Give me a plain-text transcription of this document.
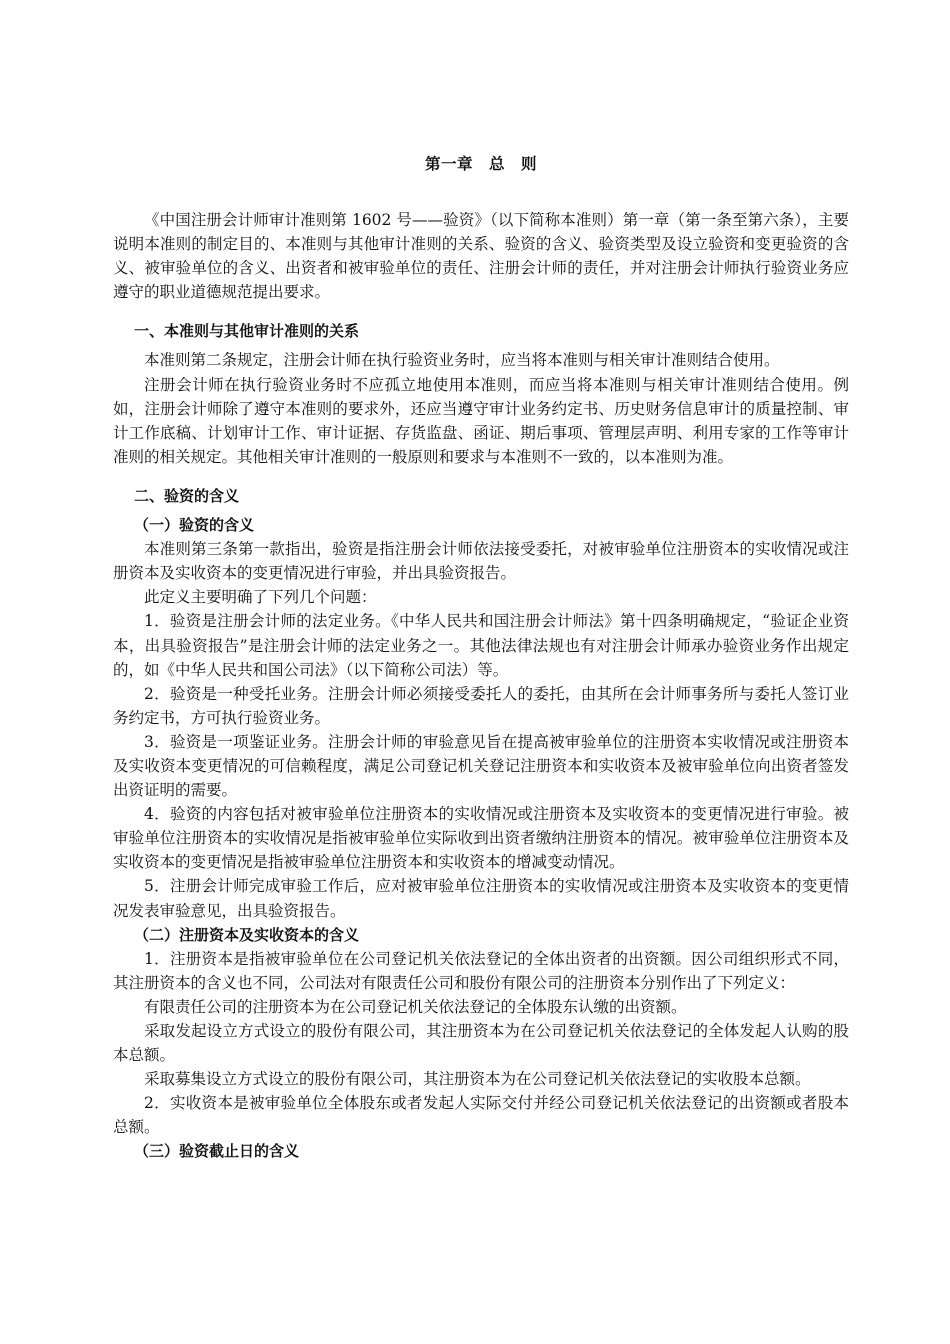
第一章　总　则

《中国注册会计师审计准则第 1602 号——验资》（以下简称本准则）第一章（第一条至第六条），主要说明本准则的制定目的、本准则与其他审计准则的关系、验资的含义、验资类型及设立验资和变更验资的含义、被审验单位的含义、出资者和被审验单位的责任、注册会计师的责任，并对注册会计师执行验资业务应遵守的职业道德规范提出要求。

一、本准则与其他审计准则的关系

本准则第二条规定，注册会计师在执行验资业务时，应当将本准则与相关审计准则结合使用。

注册会计师在执行验资业务时不应孤立地使用本准则，而应当将本准则与相关审计准则结合使用。例如，注册会计师除了遵守本准则的要求外，还应当遵守审计业务约定书、历史财务信息审计的质量控制、审计工作底稿、计划审计工作、审计证据、存货监盘、函证、期后事项、管理层声明、利用专家的工作等审计准则的相关规定。其他相关审计准则的一般原则和要求与本准则不一致的，以本准则为准。

二、验资的含义
（一）验资的含义

本准则第三条第一款指出，验资是指注册会计师依法接受委托，对被审验单位注册资本的实收情况或注册资本及实收资本的变更情况进行审验，并出具验资报告。

此定义主要明确了下列几个问题：

1．验资是注册会计师的法定业务。《中华人民共和国注册会计师法》第十四条明确规定，“验证企业资本，出具验资报告”是注册会计师的法定业务之一。其他法律法规也有对注册会计师承办验资业务作出规定的，如《中华人民共和国公司法》（以下简称公司法）等。

2．验资是一种受托业务。注册会计师必须接受委托人的委托，由其所在会计师事务所与委托人签订业务约定书，方可执行验资业务。

3．验资是一项鉴证业务。注册会计师的审验意见旨在提高被审验单位的注册资本实收情况或注册资本及实收资本变更情况的可信赖程度，满足公司登记机关登记注册资本和实收资本及被审验单位向出资者签发出资证明的需要。

4．验资的内容包括对被审验单位注册资本的实收情况或注册资本及实收资本的变更情况进行审验。被审验单位注册资本的实收情况是指被审验单位实际收到出资者缴纳注册资本的情况。被审验单位注册资本及实收资本的变更情况是指被审验单位注册资本和实收资本的增减变动情况。

5．注册会计师完成审验工作后，应对被审验单位注册资本的实收情况或注册资本及实收资本的变更情况发表审验意见，出具验资报告。

（二）注册资本及实收资本的含义

1．注册资本是指被审验单位在公司登记机关依法登记的全体出资者的出资额。因公司组织形式不同，其注册资本的含义也不同，公司法对有限责任公司和股份有限公司的注册资本分别作出了下列定义：

有限责任公司的注册资本为在公司登记机关依法登记的全体股东认缴的出资额。

采取发起设立方式设立的股份有限公司，其注册资本为在公司登记机关依法登记的全体发起人认购的股本总额。

采取募集设立方式设立的股份有限公司，其注册资本为在公司登记机关依法登记的实收股本总额。

2．实收资本是被审验单位全体股东或者发起人实际交付并经公司登记机关依法登记的出资额或者股本总额。

（三）验资截止日的含义
